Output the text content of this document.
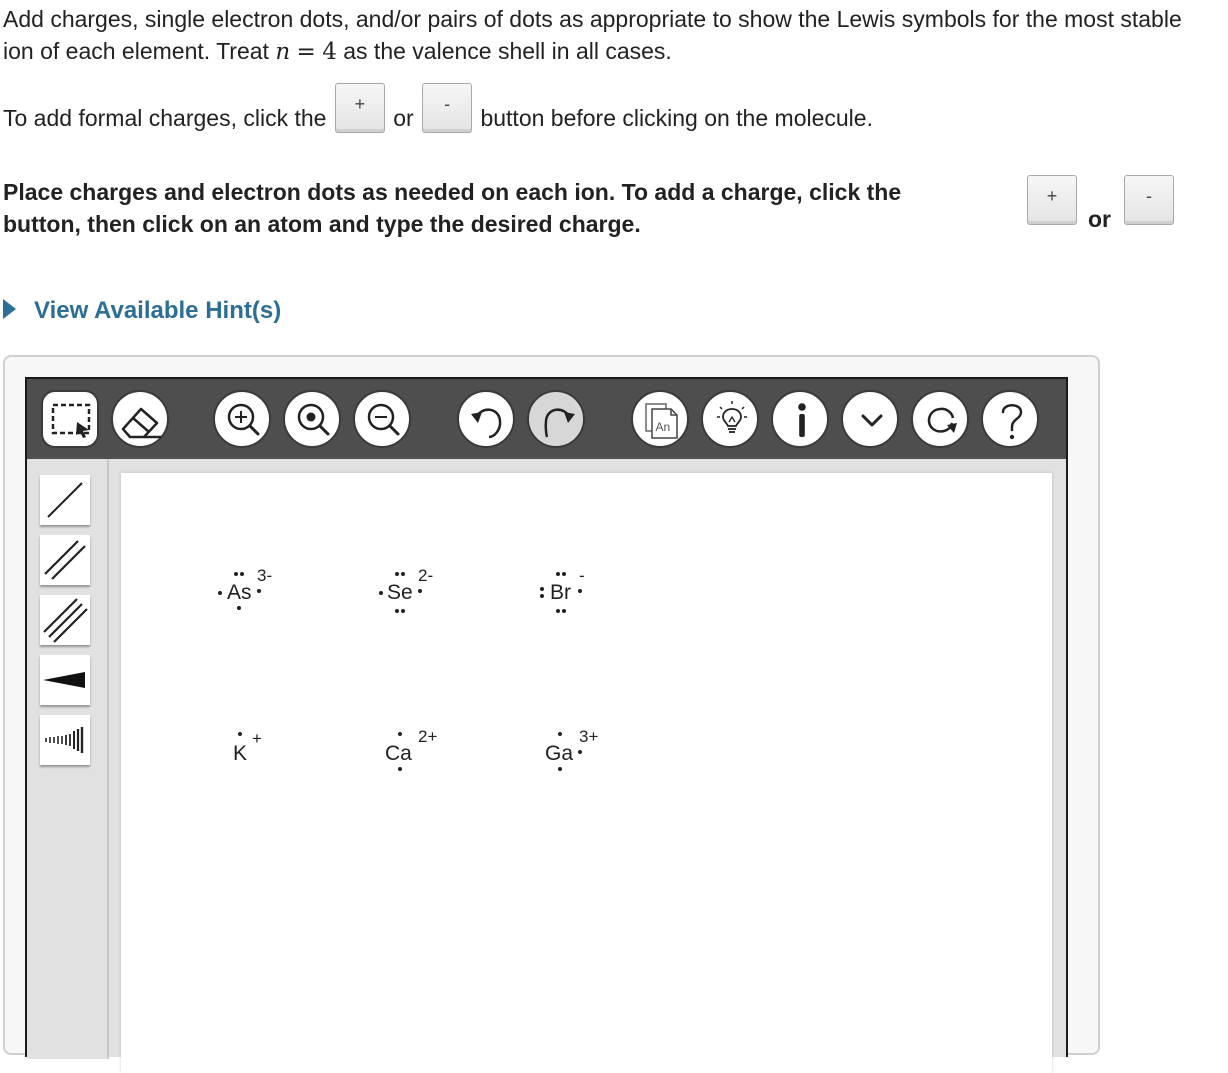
Add charges, single electron dots, and/or pairs of dots as appropriate to show the Lewis symbols for the most stable ion of each element. Treat n = 4 as the valence shell in all cases.

To add formal charges, click the
+
or
-
button before clicking on the molecule.

Place charges and electron dots as needed on each ion. To add a charge, click the
button, then click on an atom and type the desired charge.

+
or
-
View Available Hint(s)
An
As
3-
Se
2-
Br
-
K
+
Ca
2+
Ga
3+
